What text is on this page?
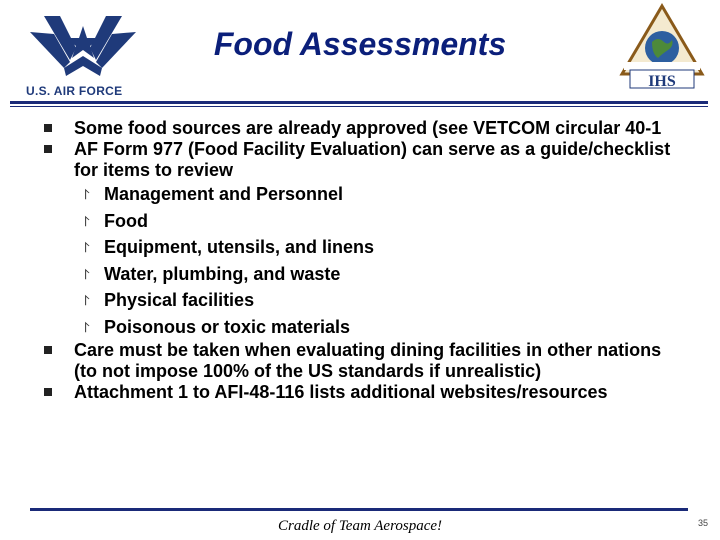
U.S. AIR FORCE
Food Assessments
IHS

Some food sources are already approved (see VETCOM circular 40-1

AF Form 977 (Food Facility Evaluation) can serve as a guide/checklist for items to review

⨡ Management and Personnel

⨡ Food

⨡ Equipment, utensils, and linens

⨡ Water, plumbing, and waste

⨡ Physical facilities

⨡ Poisonous or toxic materials

Care must be taken when evaluating dining facilities in other nations (to not impose 100% of the US standards if unrealistic)

Attachment 1 to AFI-48-116 lists additional websites/resources

Cradle of Team Aerospace!	35
